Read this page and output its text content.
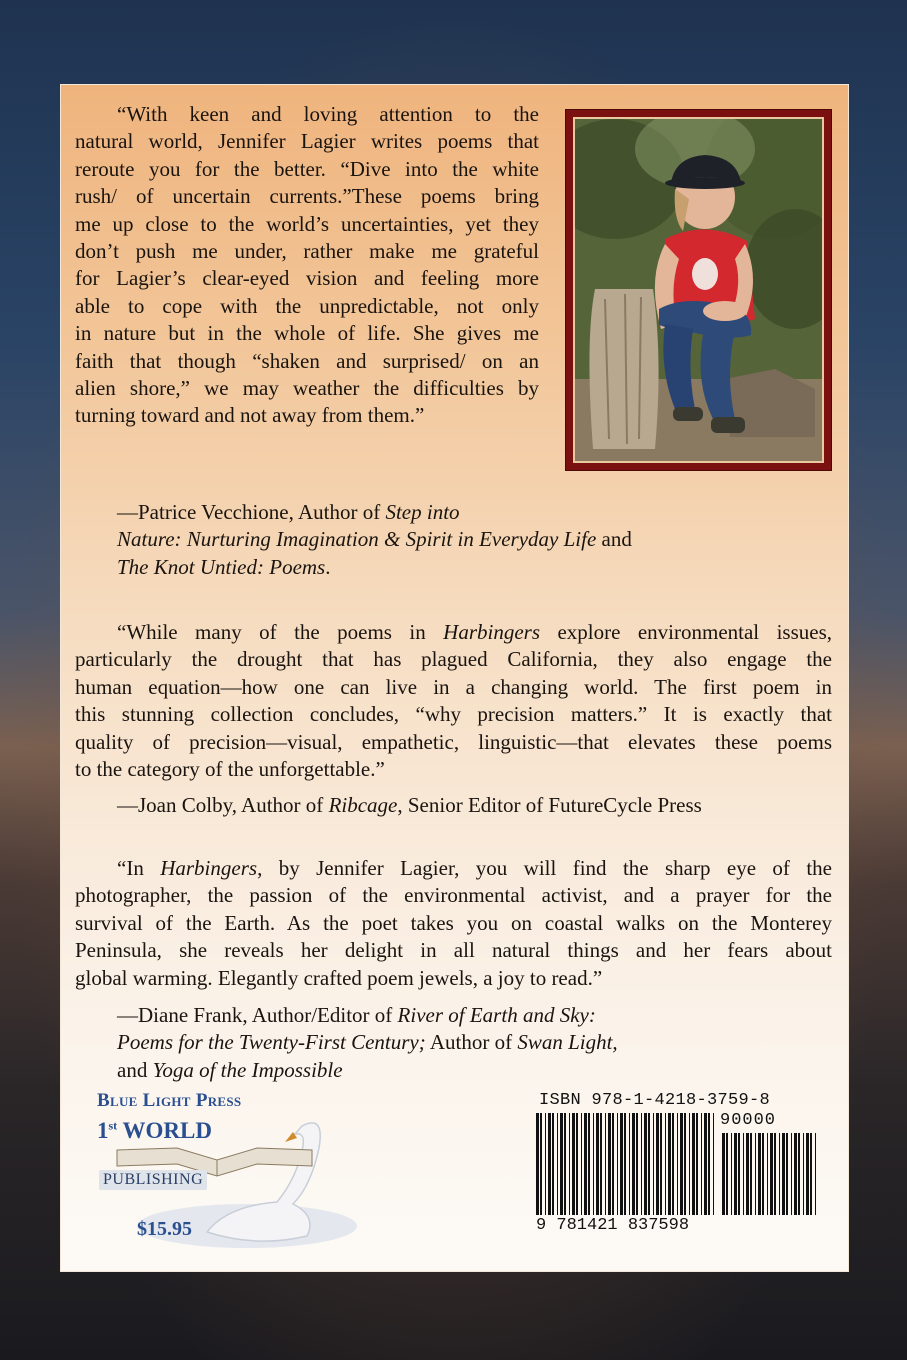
“With keen and loving attention to the
natural world, Jennifer Lagier writes poems that
reroute you for the better. “Dive into the white
rush/ of uncertain currents.”These poems bring
me up close to the world’s uncertainties, yet they
don’t push me under, rather make me grateful
for Lagier’s clear-eyed vision and feeling more
able to cope with the unpredictable, not only
in nature but in the whole of life. She gives me
faith that though “shaken and surprised/ on an
alien shore,” we may weather the difficulties by
turning toward and not away from them.”
—Patrice Vecchione, Author of Step into
Nature: Nurturing Imagination & Spirit in Everyday Life and
The Knot Untied: Poems.
“While many of the poems in Harbingers explore environmental issues,
particularly the drought that has plagued California, they also engage the
human equation—how one can live in a changing world. The first poem in
this stunning collection concludes, “why precision matters.” It is exactly that
quality of precision—visual, empathetic, linguistic—that elevates these poems
to the category of the unforgettable.”
—Joan Colby, Author of Ribcage, Senior Editor of FutureCycle Press
“In Harbingers, by Jennifer Lagier, you will find the sharp eye of the
photographer, the passion of the environmental activist, and a prayer for the
survival of the Earth. As the poet takes you on coastal walks on the Monterey
Peninsula, she reveals her delight in all natural things and her fears about
global warming. Elegantly crafted poem jewels, a joy to read.”
—Diane Frank, Author/Editor of River of Earth and Sky:
Poems for the Twenty-First Century; Author of Swan Light,
and Yoga of the Impossible
Blue Light Press
1st WORLD
PUBLISHING
$15.95
ISBN 978-1-4218-3759-8
90000
9 781421 837598
